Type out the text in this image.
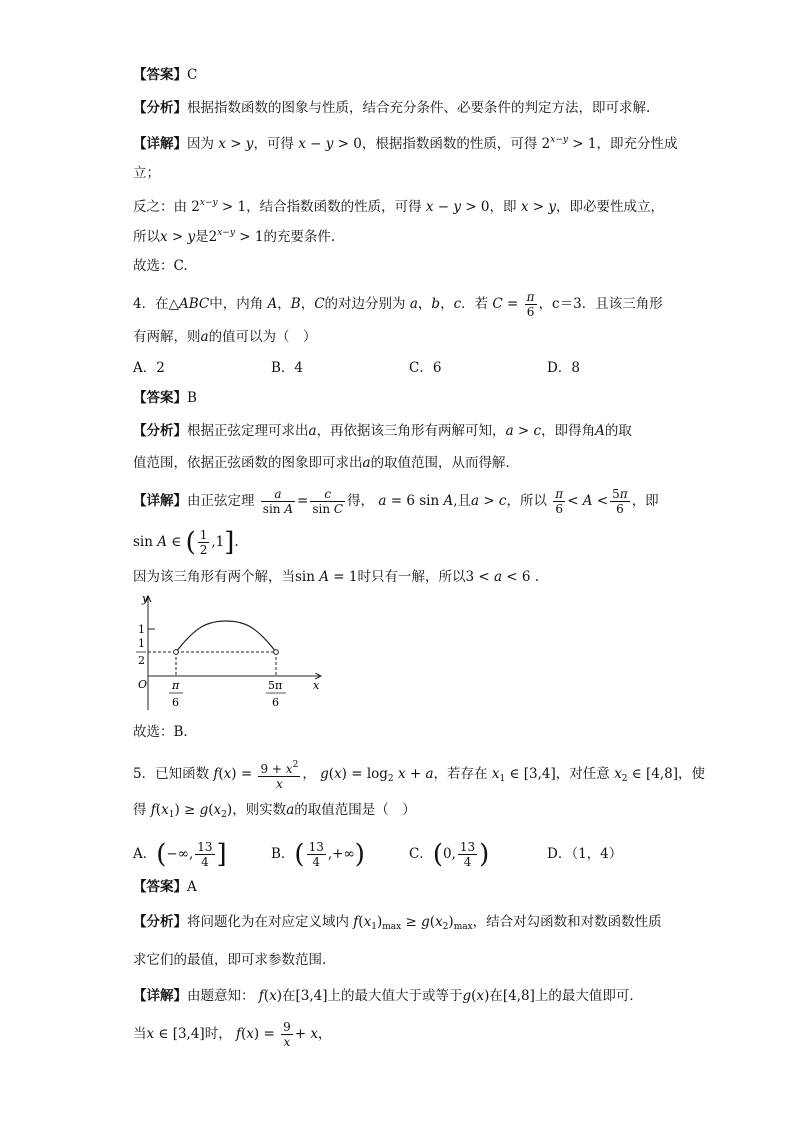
【答案】C
【分析】根据指数函数的图象与性质，结合充分条件、必要条件的判定方法，即可求解.
【详解】因为 x > y，可得 x − y > 0，根据指数函数的性质，可得 $2^{x-y} > 1$，即充分性成
立；
反之：由 $2^{x-y} > 1$，结合指数函数的性质，可得 x − y > 0，即 x > y，即必要性成立，
所以x > y是$2^{x-y} > 1$的充要条件.
故选：C.
4．在△ABC中，内角 A，B，C的对边分别为 a，b，c．若 $C = \frac{\pi}{6}$ ，c＝3．且该三角形
有两解，则a的值可以为（　）
A．2	B．4	C．6	D．8
【答案】B
【分析】根据正弦定理可求出a，再依据该三角形有两解可知，a > c，即得角A的取
值范围，依据正弦函数的图象即可求出a的取值范围，从而得解．
【详解】由正弦定理 $\frac{a}{\text{sin A}} = \frac{c}{\text{sin C}}$ 得， a = 6 sin A,且a > c，所以 $\frac{\pi}{6} < A < \frac{5\pi}{6}$ ，即
sin A ∈ ( $\frac{1}{2} ,1$].
因为该三角形有两个解，当sin A = 1时只有一解，所以3 < a < 6 .
y
x
O
1
1
2
π
6
5π
6
故选：B.
5．已知函数 $f(x) = \frac{9 + x^2}{x}$ ， $g(x) = \log_2 x + a$，若存在 $x_1$ ∈ [3,4]，对任意 $x_2$ ∈ [4,8]，使
得 $f(x_1) \ge g(x_2)$，则实数a的取值范围是（　）
A．(−∞, $\frac{13}{4}$ ]	B．( $\frac{13}{4}$ ,+∞)	C．(0, $\frac{13}{4}$ )	D．（1，4）
【答案】A
【分析】将问题化为在对应定义域内 $f(x_1)_{max} \ge g(x_2)_{max}$，结合对勾函数和对数函数性质
求它们的最值，即可求参数范围.
【详解】由题意知： f(x)在[3,4]上的最大值大于或等于g(x)在[4,8]上的最大值即可．
当x ∈ [3,4]时， $f(x) = \frac{9}{x} + x$，
